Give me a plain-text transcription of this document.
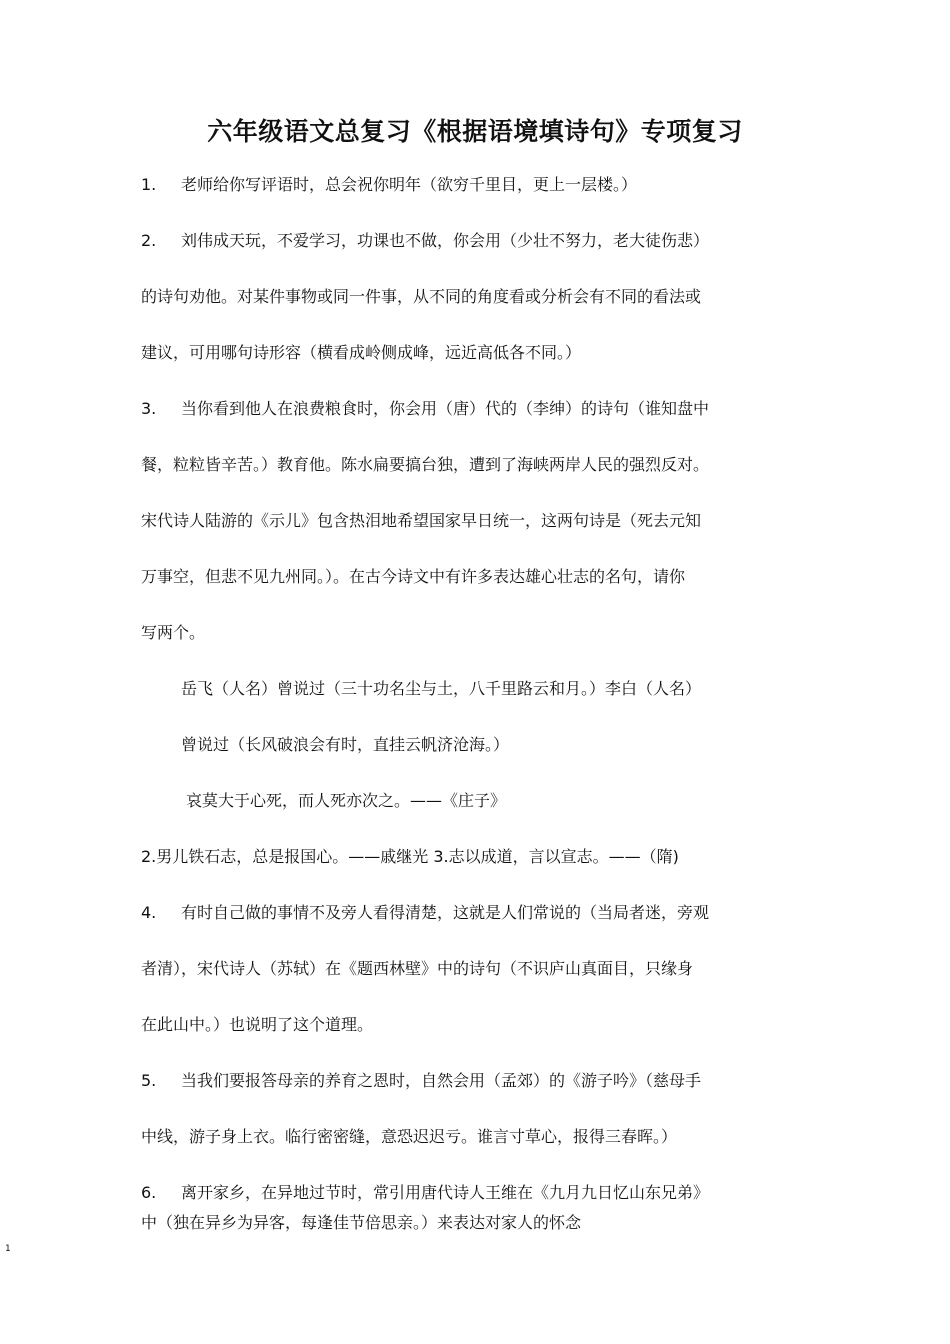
六年级语文总复习《根据语境填诗句》专项复习
1. 老师给你写评语时，总会祝你明年（欲穷千里目，更上一层楼。）
2. 刘伟成天玩，不爱学习，功课也不做，你会用（少壮不努力，老大徒伤悲）
的诗句劝他。对某件事物或同一件事，从不同的角度看或分析会有不同的看法或
建议，可用哪句诗形容（横看成岭侧成峰，远近高低各不同。）
3. 当你看到他人在浪费粮食时，你会用（唐）代的（李绅）的诗句（谁知盘中
餐，粒粒皆辛苦。）教育他。陈水扁要搞台独，遭到了海峡两岸人民的强烈反对。
宋代诗人陆游的《示儿》包含热泪地希望国家早日统一，这两句诗是（死去元知
万事空，但悲不见九州同。）。在古今诗文中有许多表达雄心壮志的名句，请你
写两个。
岳飞（人名）曾说过（三十功名尘与土，八千里路云和月。）李白（人名）
曾说过（长风破浪会有时，直挂云帆济沧海。）
哀莫大于心死，而人死亦次之。——《庄子》
2.男儿铁石志，总是报国心。——戚继光 3.志以成道，言以宣志。——（隋)
4. 有时自己做的事情不及旁人看得清楚，这就是人们常说的（当局者迷，旁观
者清），宋代诗人（苏轼）在《题西林壁》中的诗句（不识庐山真面目，只缘身
在此山中。）也说明了这个道理。
5. 当我们要报答母亲的养育之恩时，自然会用（孟郊）的《游子吟》（慈母手
中线，游子身上衣。临行密密缝，意恐迟迟亏。谁言寸草心，报得三春晖。）
6. 离开家乡，在异地过节时，常引用唐代诗人王维在《九月九日忆山东兄弟》
中（独在异乡为异客，每逢佳节倍思亲。）来表达对家人的怀念
1
